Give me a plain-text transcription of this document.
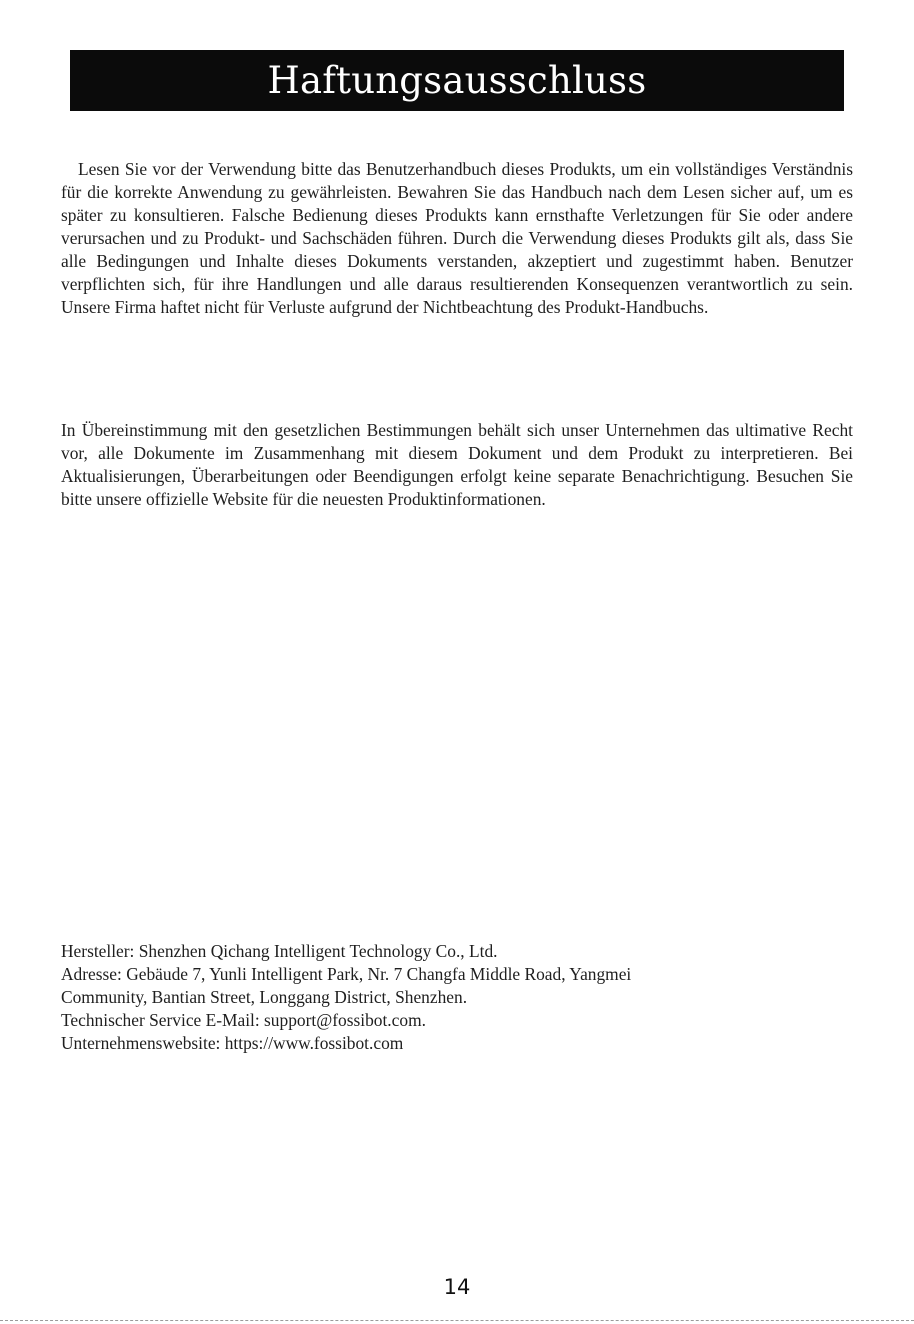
Haftungsausschluss

Lesen Sie vor der Verwendung bitte das Benutzerhandbuch dieses Produkts, um ein vollständiges Verständnis für die korrekte Anwendung zu gewährleisten. Bewahren Sie das Handbuch nach dem Lesen sicher auf, um es später zu konsultieren. Falsche Bedienung dieses Produkts kann ernsthafte Verletzungen für Sie oder andere verursachen und zu Produkt- und Sachschäden führen. Durch die Verwendung dieses Produkts gilt als, dass Sie alle Bedingungen und Inhalte dieses Dokuments verstanden, akzeptiert und zugestimmt haben. Benutzer verpflichten sich, für ihre Handlungen und alle daraus resultierenden Konsequenzen verantwortlich zu sein. Unsere Firma haftet nicht für Verluste aufgrund der Nichtbeachtung des Produkt-Handbuchs.

In Übereinstimmung mit den gesetzlichen Bestimmungen behält sich unser Unternehmen das ultimative Recht vor, alle Dokumente im Zusammenhang mit diesem Dokument und dem Produkt zu interpretieren. Bei Aktualisierungen, Überarbeitungen oder Beendigungen erfolgt keine separate Benachrichtigung. Besuchen Sie bitte unsere offizielle Website für die neuesten Produktinformationen.

Hersteller: Shenzhen Qichang Intelligent Technology Co., Ltd.
Adresse: Gebäude 7, Yunli Intelligent Park, Nr. 7 Changfa Middle Road, Yangmei
Community, Bantian Street, Longgang District, Shenzhen.
Technischer Service E-Mail: support@fossibot.com.
Unternehmenswebsite: https://www.fossibot.com
14
